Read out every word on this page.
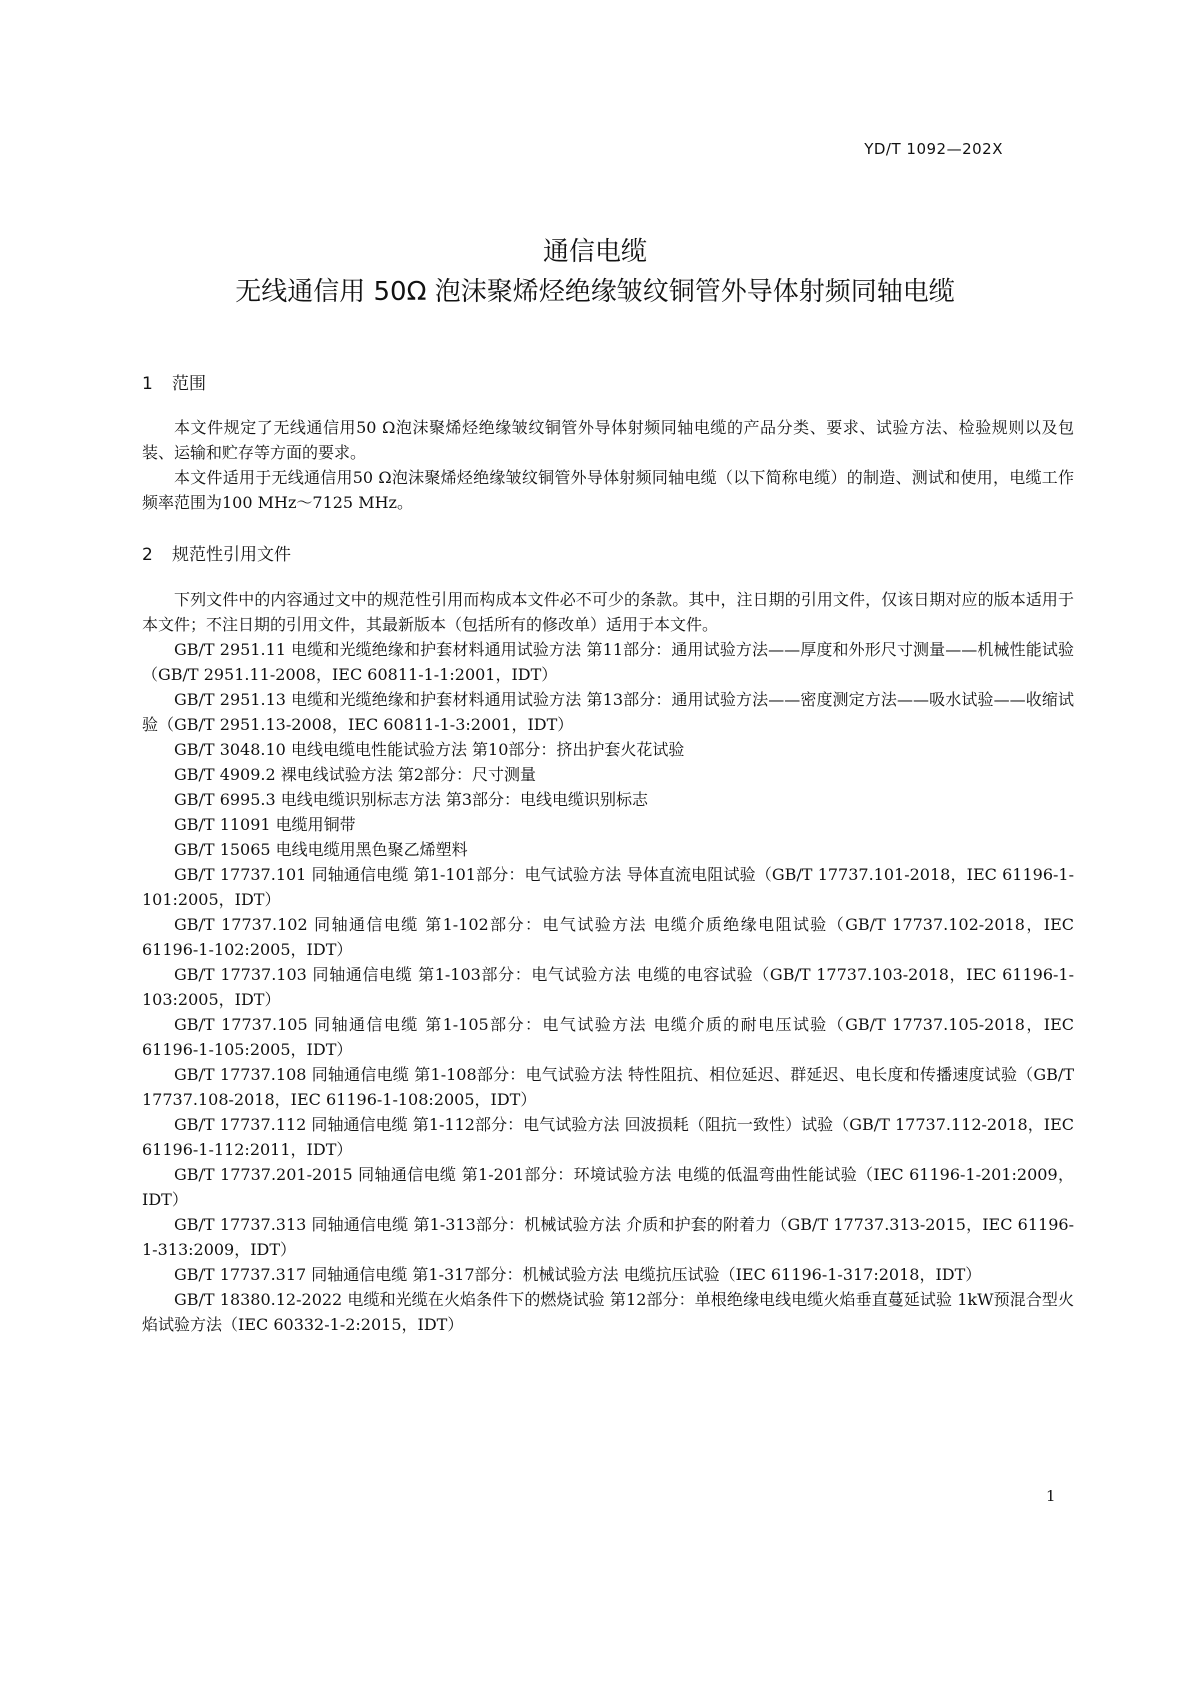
YD/T 1092—202X
通信电缆
无线通信用 50Ω 泡沫聚烯烃绝缘皱纹铜管外导体射频同轴电缆
1 范围

本文件规定了无线通信用50 Ω泡沫聚烯烃绝缘皱纹铜管外导体射频同轴电缆的产品分类、要求、试验方法、检验规则以及包装、运输和贮存等方面的要求。

本文件适用于无线通信用50 Ω泡沫聚烯烃绝缘皱纹铜管外导体射频同轴电缆（以下简称电缆）的制造、测试和使用，电缆工作频率范围为100 MHz～7125 MHz。

2 规范性引用文件

下列文件中的内容通过文中的规范性引用而构成本文件必不可少的条款。其中，注日期的引用文件，仅该日期对应的版本适用于本文件；不注日期的引用文件，其最新版本（包括所有的修改单）适用于本文件。

GB/T 2951.11 电缆和光缆绝缘和护套材料通用试验方法 第11部分：通用试验方法——厚度和外形尺寸测量——机械性能试验（GB/T 2951.11-2008，IEC 60811-1-1:2001，IDT）

GB/T 2951.13 电缆和光缆绝缘和护套材料通用试验方法 第13部分：通用试验方法——密度测定方法——吸水试验——收缩试验（GB/T 2951.13-2008，IEC 60811-1-3:2001，IDT）

GB/T 3048.10 电线电缆电性能试验方法 第10部分：挤出护套火花试验

GB/T 4909.2 裸电线试验方法 第2部分：尺寸测量

GB/T 6995.3 电线电缆识别标志方法 第3部分：电线电缆识别标志

GB/T 11091 电缆用铜带

GB/T 15065 电线电缆用黑色聚乙烯塑料

GB/T 17737.101 同轴通信电缆 第1-101部分：电气试验方法 导体直流电阻试验（GB/T 17737.101-2018，IEC 61196-1-101:2005，IDT）

GB/T 17737.102 同轴通信电缆 第1-102部分：电气试验方法 电缆介质绝缘电阻试验（GB/T 17737.102-2018，IEC 61196-1-102:2005，IDT）

GB/T 17737.103 同轴通信电缆 第1-103部分：电气试验方法 电缆的电容试验（GB/T 17737.103-2018，IEC 61196-1-103:2005，IDT）

GB/T 17737.105 同轴通信电缆 第1-105部分：电气试验方法 电缆介质的耐电压试验（GB/T 17737.105-2018，IEC 61196-1-105:2005，IDT）

GB/T 17737.108 同轴通信电缆 第1-108部分：电气试验方法 特性阻抗、相位延迟、群延迟、电长度和传播速度试验（GB/T 17737.108-2018，IEC 61196-1-108:2005，IDT）

GB/T 17737.112 同轴通信电缆 第1-112部分：电气试验方法 回波损耗（阻抗一致性）试验（GB/T 17737.112-2018，IEC 61196-1-112:2011，IDT）

GB/T 17737.201-2015 同轴通信电缆 第1-201部分：环境试验方法 电缆的低温弯曲性能试验（IEC 61196-1-201:2009，IDT）

GB/T 17737.313 同轴通信电缆 第1-313部分：机械试验方法 介质和护套的附着力（GB/T 17737.313-2015，IEC 61196-1-313:2009，IDT）

GB/T 17737.317 同轴通信电缆 第1-317部分：机械试验方法 电缆抗压试验（IEC 61196-1-317:2018，IDT）

GB/T 18380.12-2022 电缆和光缆在火焰条件下的燃烧试验 第12部分：单根绝缘电线电缆火焰垂直蔓延试验 1kW预混合型火焰试验方法（IEC 60332-1-2:2015，IDT）

1
